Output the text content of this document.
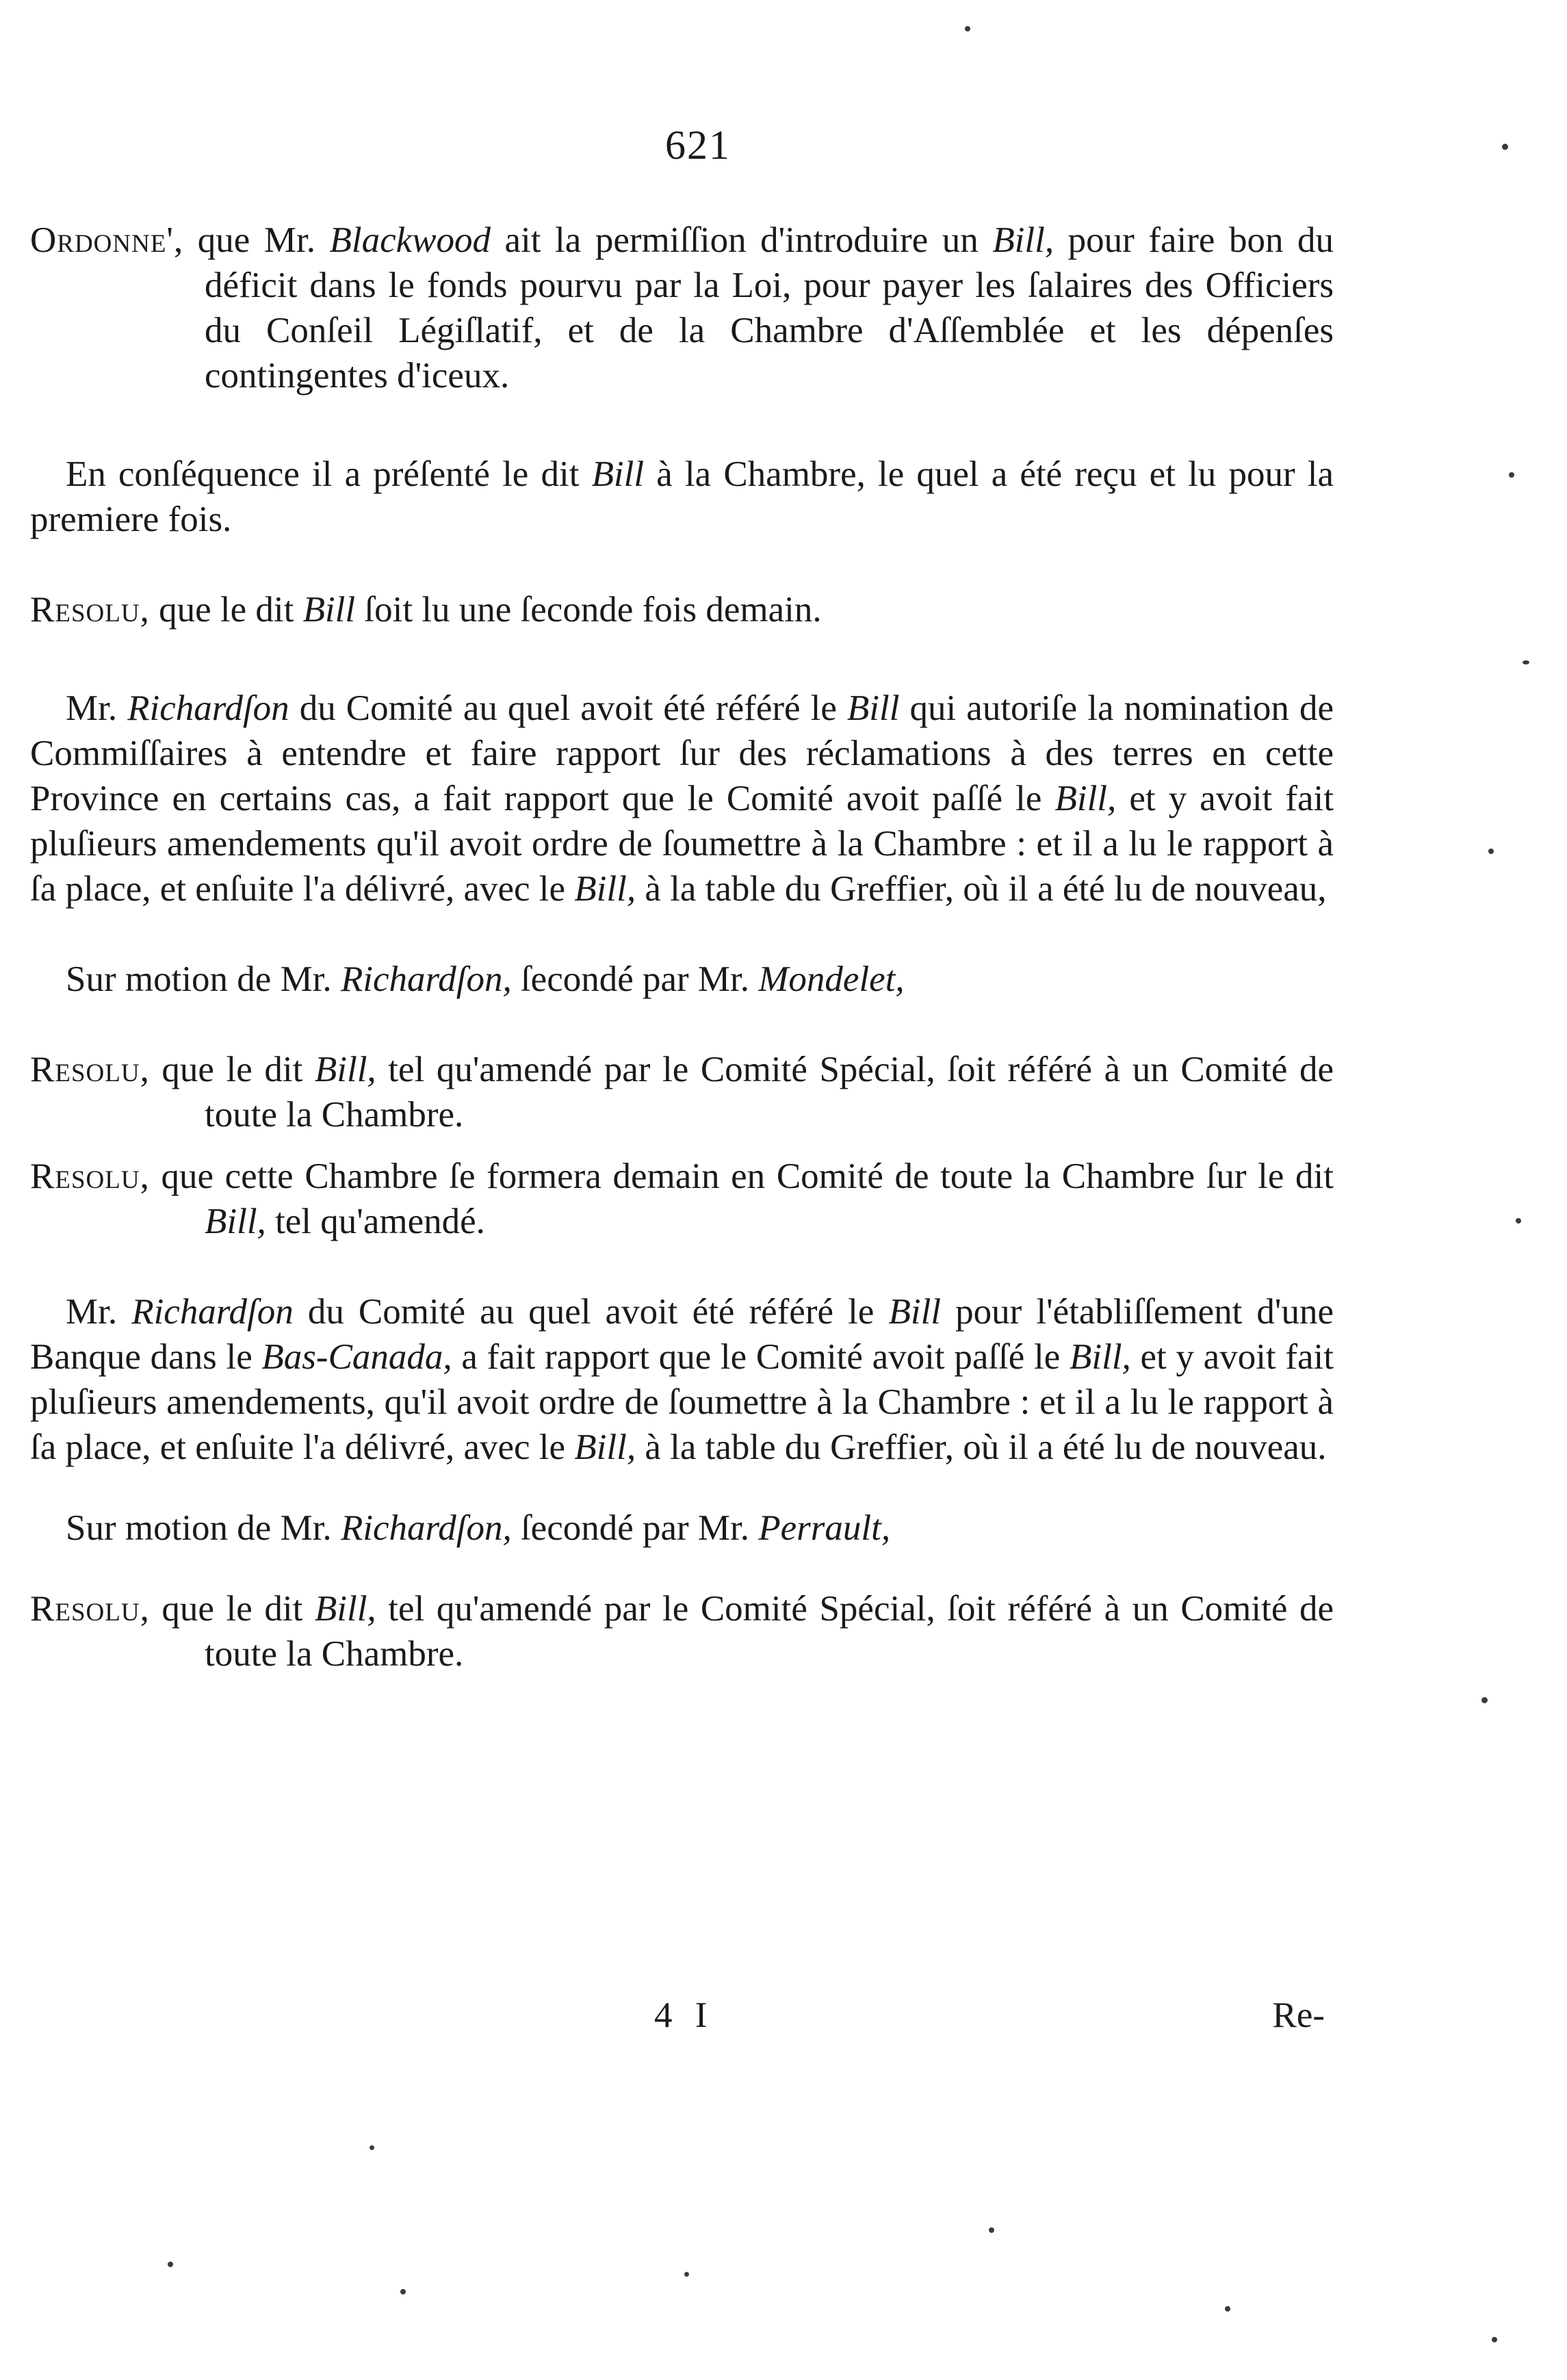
621

Ordonne', que Mr. Blackwood ait la permiſſion d'introduire un Bill, pour faire bon du déficit dans le fonds pourvu par la Loi, pour payer les ſalaires des Officiers du Conſeil Légiſlatif, et de la Chambre d'Aſſemblée et les dépenſes contingentes d'iceux.

En conſéquence il a préſenté le dit Bill à la Chambre, le quel a été reçu et lu pour la premiere fois.

Resolu, que le dit Bill ſoit lu une ſeconde fois demain.

Mr. Richardſon du Comité au quel avoit été référé le Bill qui autoriſe la nomination de Commiſſaires à entendre et faire rapport ſur des réclamations à des terres en cette Province en certains cas, a fait rapport que le Comité avoit paſſé le Bill, et y avoit fait pluſieurs amendements qu'il avoit ordre de ſoumettre à la Chambre : et il a lu le rapport à ſa place, et enſuite l'a délivré, avec le Bill, à la table du Greffier, où il a été lu de nouveau,

Sur motion de Mr. Richardſon, ſecondé par Mr. Mondelet,

Resolu, que le dit Bill, tel qu'amendé par le Comité Spécial, ſoit référé à un Comité de toute la Chambre.

Resolu, que cette Chambre ſe formera demain en Comité de toute la Chambre ſur le dit Bill, tel qu'amendé.

Mr. Richardſon du Comité au quel avoit été référé le Bill pour l'établiſſement d'une Banque dans le Bas-Canada, a fait rapport que le Comité avoit paſſé le Bill, et y avoit fait pluſieurs amendements, qu'il avoit ordre de ſoumettre à la Chambre : et il a lu le rapport à ſa place, et enſuite l'a délivré, avec le Bill, à la table du Greffier, où il a été lu de nouveau.

Sur motion de Mr. Richardſon, ſecondé par Mr. Perrault,

Resolu, que le dit Bill, tel qu'amendé par le Comité Spécial, ſoit référé à un Comité de toute la Chambre.

4 I	Re-
